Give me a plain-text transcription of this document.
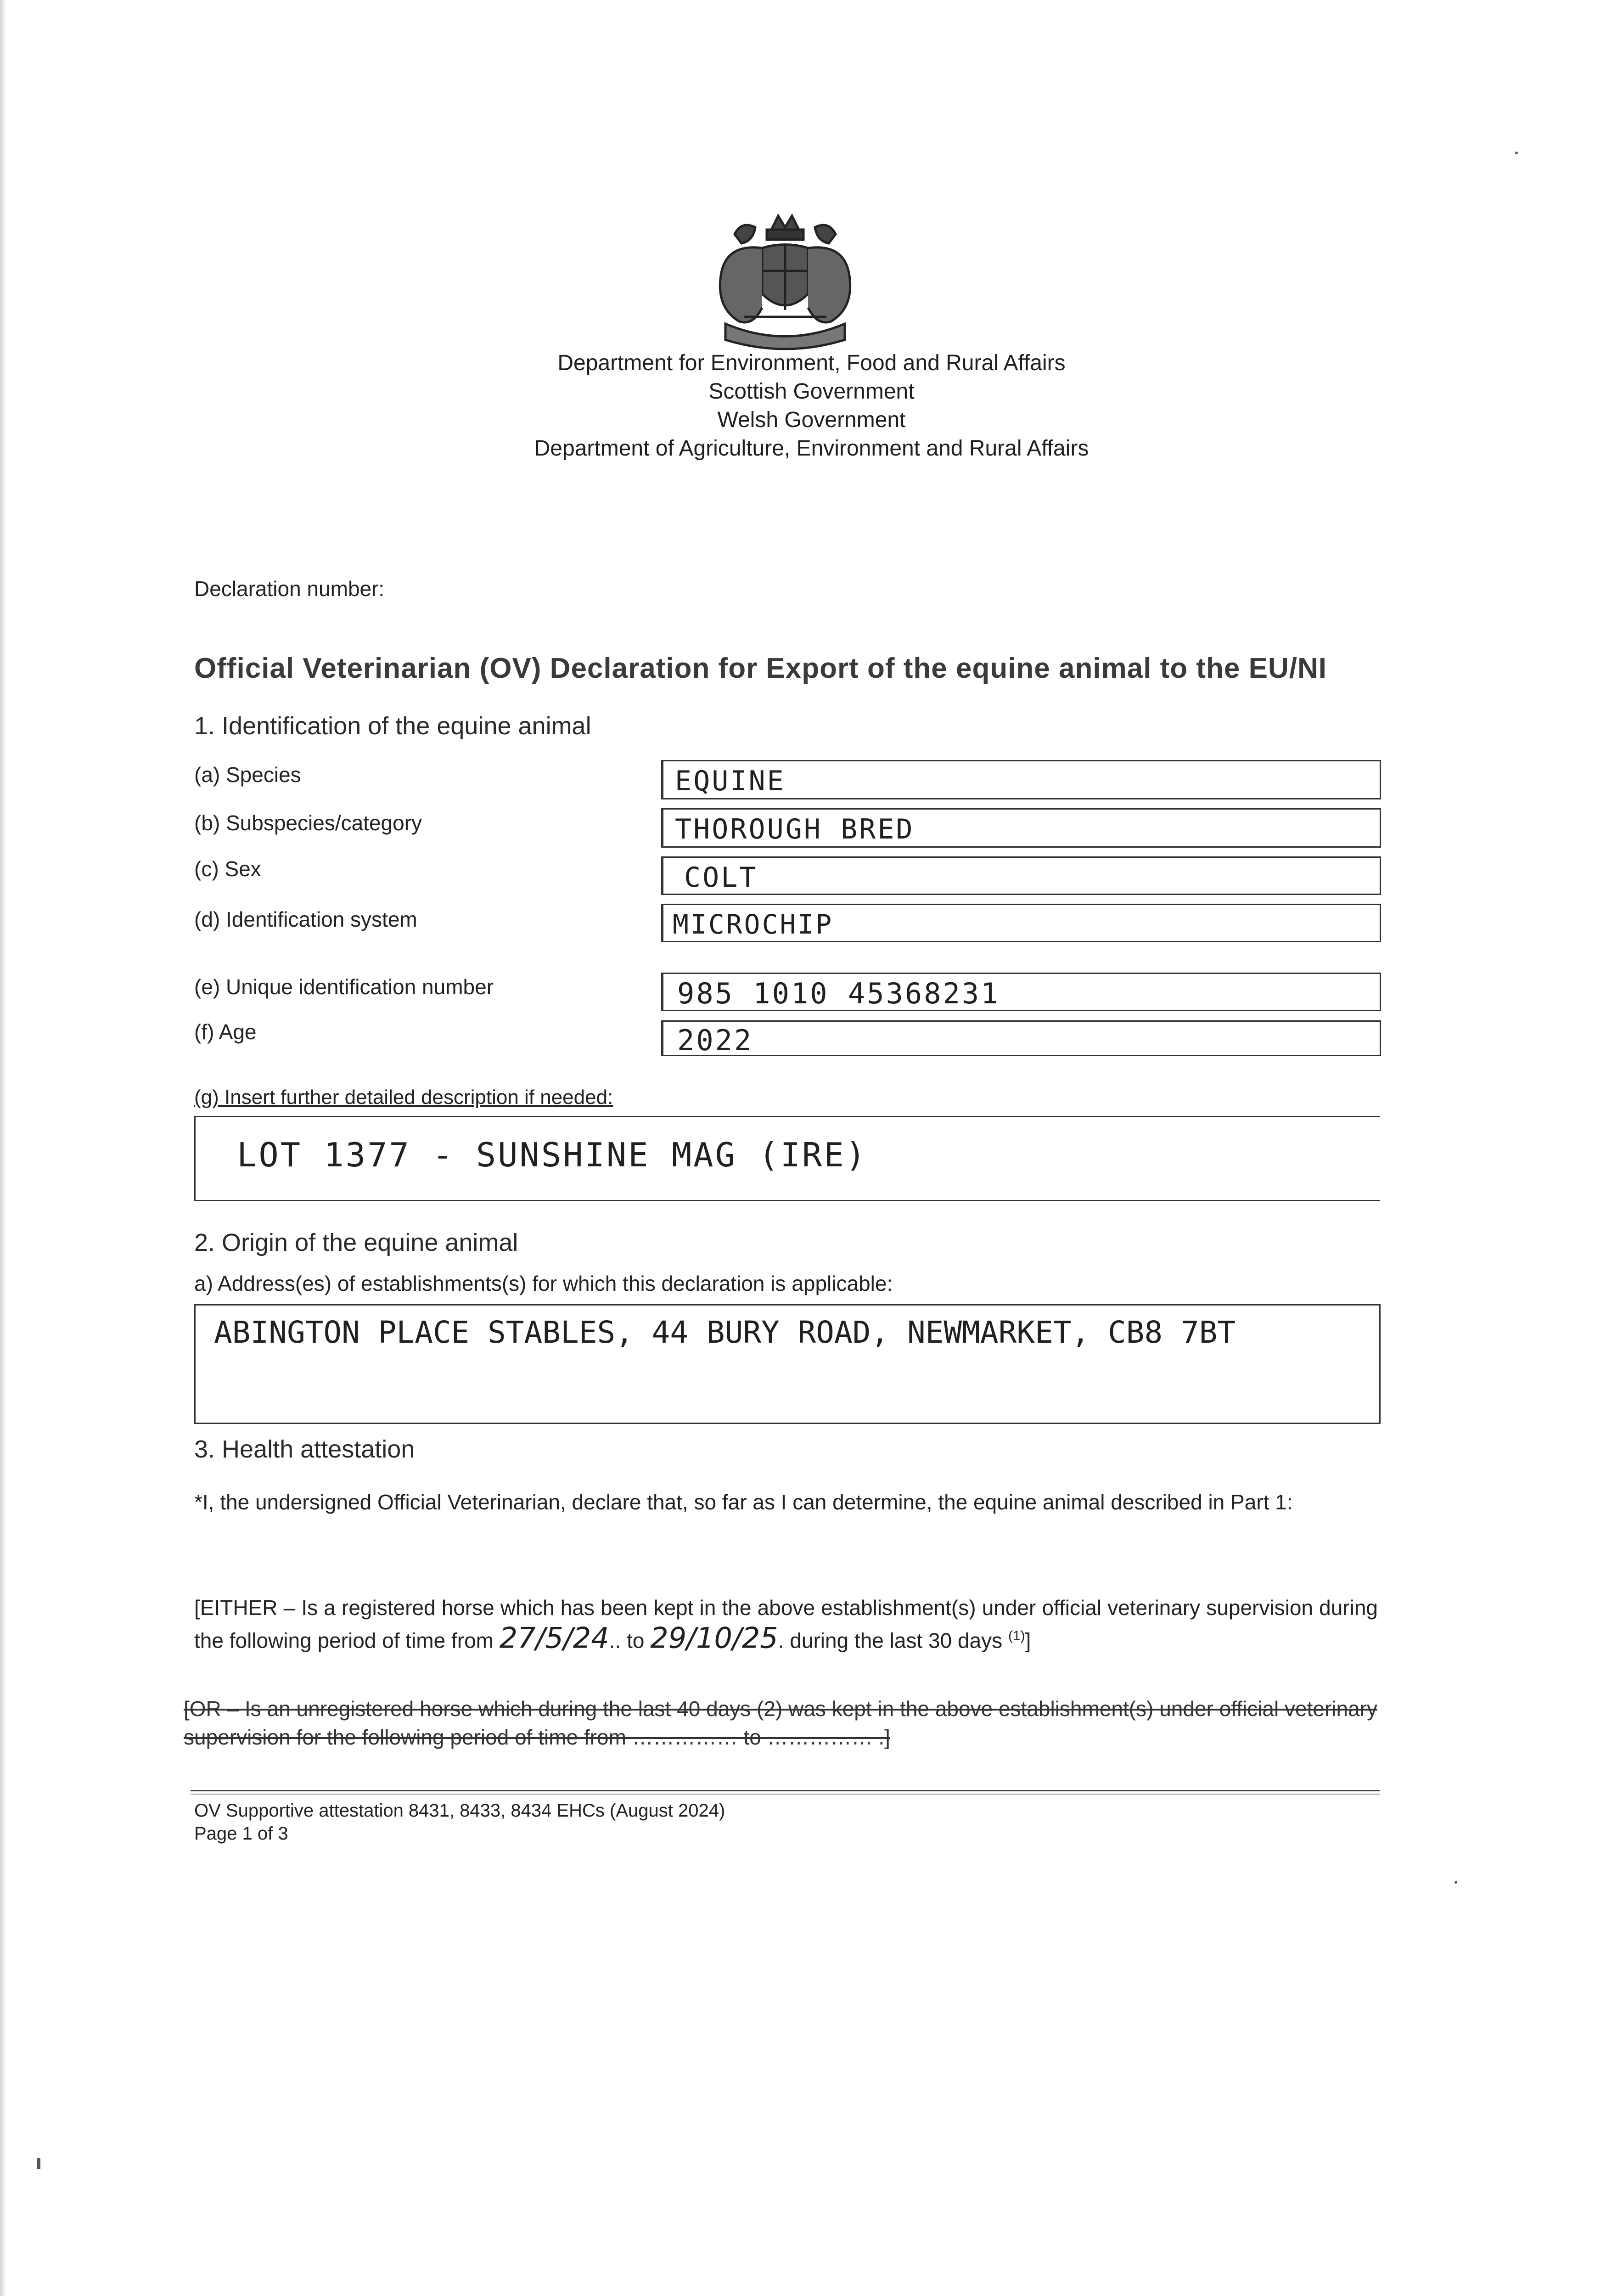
Department for Environment, Food and Rural Affairs
Scottish Government
Welsh Government
Department of Agriculture, Environment and Rural Affairs
Declaration number:
Official Veterinarian (OV) Declaration for Export of the equine animal to the EU/NI
1. Identification of the equine animal
(a) Species	EQUINE
(b) Subspecies/category	THOROUGH BRED
(c) Sex	COLT
(d) Identification system	MICROCHIP
(e) Unique identification number	985 1010 45368231
(f) Age	2022
(g) Insert further detailed description if needed:
LOT 1377 - SUNSHINE MAG (IRE)
2. Origin of the equine animal
a) Address(es) of establishments(s) for which this declaration is applicable:
ABINGTON PLACE STABLES, 44 BURY ROAD, NEWMARKET, CB8 7BT
3. Health attestation
*I, the undersigned Official Veterinarian, declare that, so far as I can determine, the equine animal described in Part 1:
[EITHER – Is a registered horse which has been kept in the above establishment(s) under official veterinary supervision during the following period of time from 27/5/24.. to 29/10/25. during the last 30 days $^{(1)}$]
[OR – Is an unregistered horse which during the last 40 days (2) was kept in the above establishment(s) under official veterinary supervision for the following period of time from …………… to …………… .]
OV Supportive attestation 8431, 8433, 8434 EHCs (August 2024)
Page 1 of 3
